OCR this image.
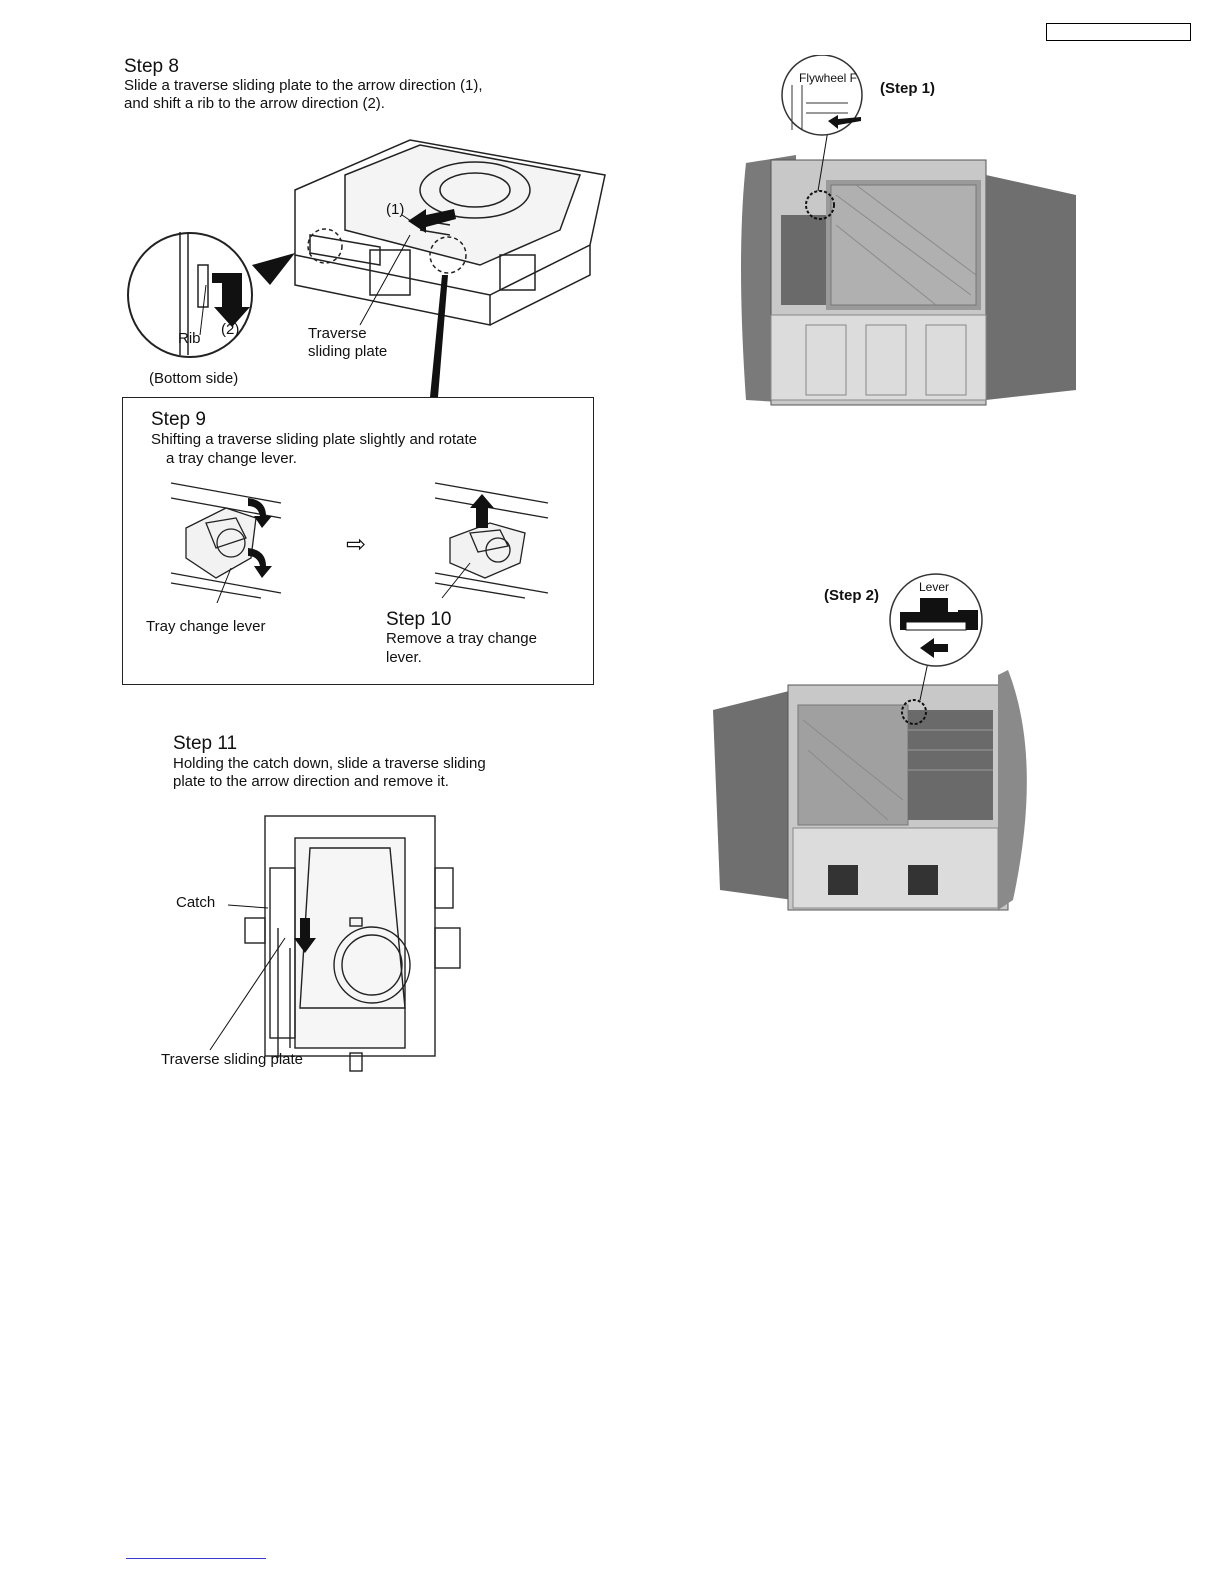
Step 8
Slide a traverse sliding plate to the arrow direction (1),
and shift a rib to the arrow direction (2).
(1)
(2)
Rib	Traverse
sliding plate
(Bottom side)
Step 9
Shifting a traverse sliding plate slightly and rotate
a tray change lever.
⇨
Tray change lever	Step 10
Remove a tray change
lever.
Step 11
Holding the catch down, slide a traverse sliding
plate to the arrow direction and remove it.
Catch
Traverse sliding plate
Flywheel F
(Step 1)
Lever
(Step 2)
